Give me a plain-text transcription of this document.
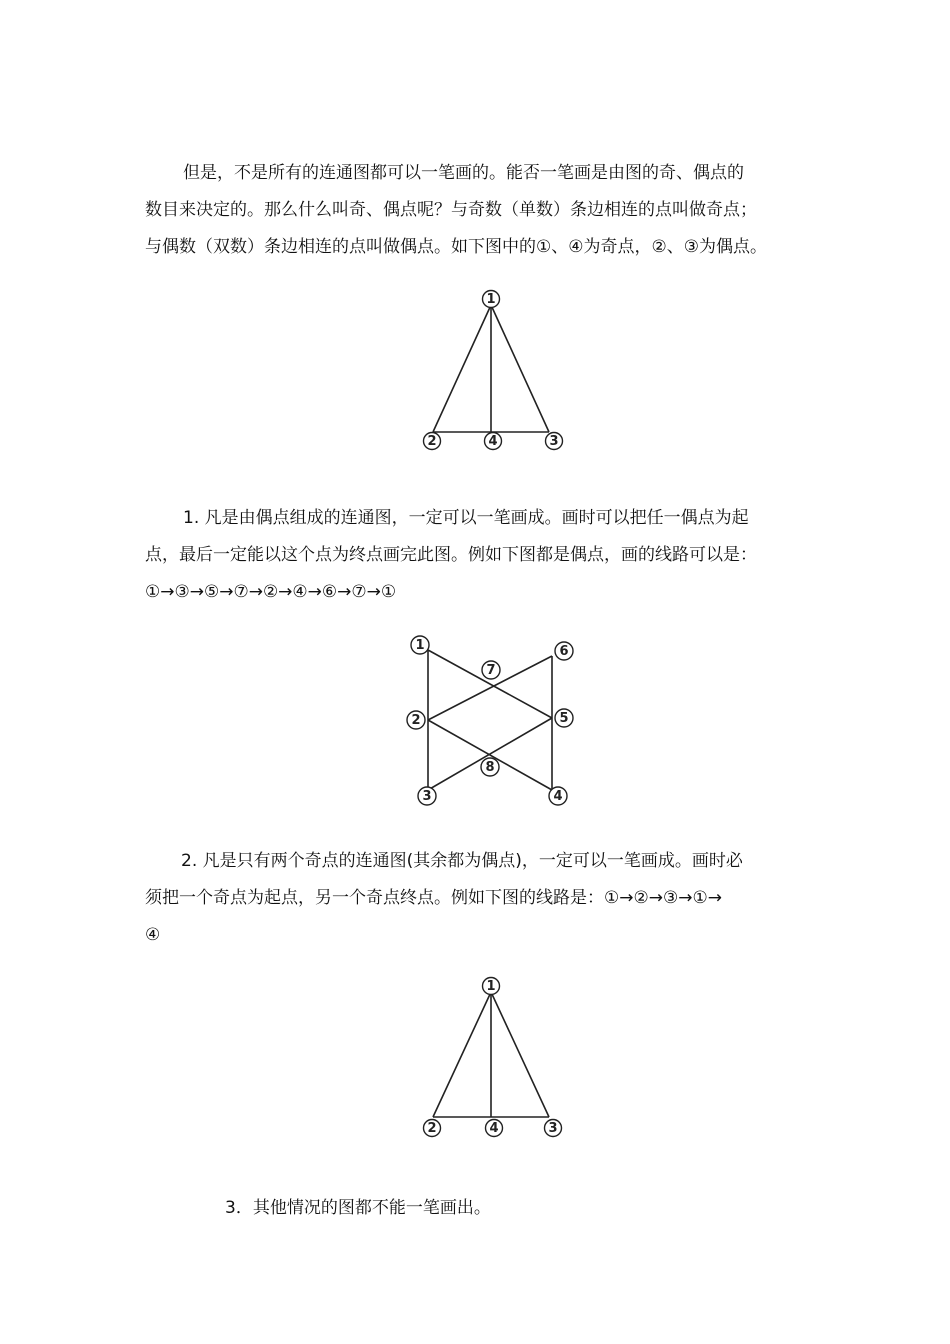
但是，不是所有的连通图都可以一笔画的。能否一笔画是由图的奇、偶点的
数目来决定的。那么什么叫奇、偶点呢？与奇数（单数）条边相连的点叫做奇点；
与偶数（双数）条边相连的点叫做偶点。如下图中的①、④为奇点，②、③为偶点。

1
2	4	3

1. 凡是由偶点组成的连通图，一定可以一笔画成。画时可以把任一偶点为起
点，最后一定能以这个点为终点画完此图。例如下图都是偶点，画的线路可以是：
①→③→⑤→⑦→②→④→⑥→⑦→①

1	6
7
2	5
8
3	4

2. 凡是只有两个奇点的连通图(其余都为偶点)，一定可以一笔画成。画时必
须把一个奇点为起点，另一个奇点终点。例如下图的线路是：①→②→③→①→
④

1
2	4	3

3．其他情况的图都不能一笔画出。
